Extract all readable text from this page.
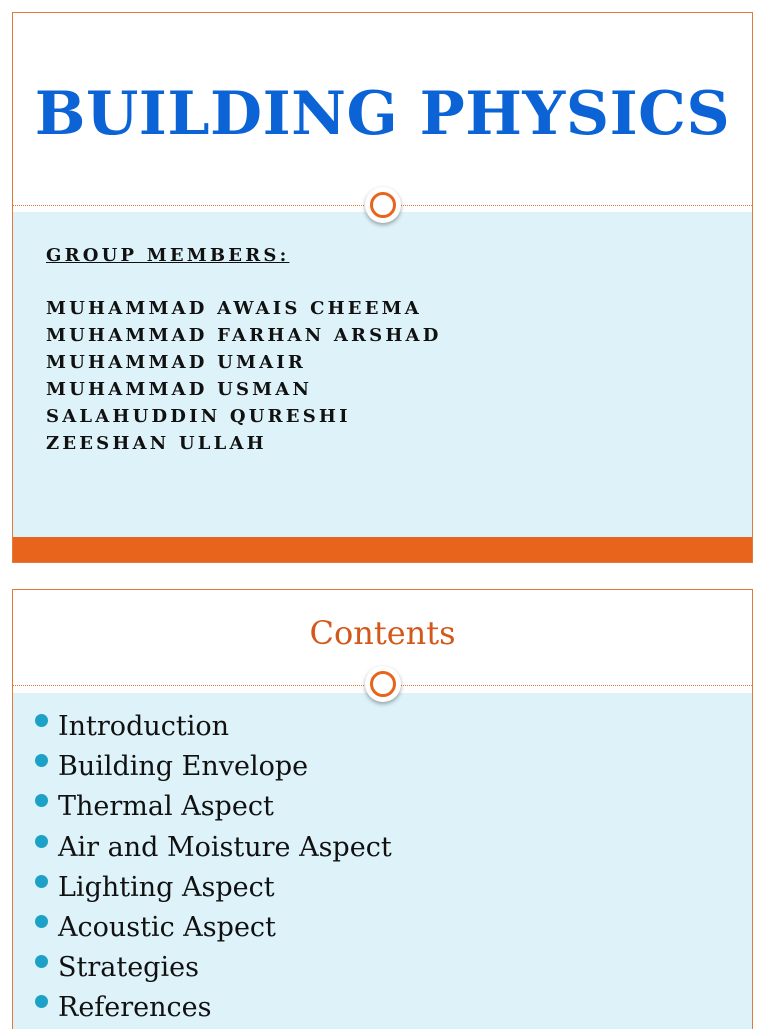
BUILDING PHYSICS

GROUP MEMBERS:

MUHAMMAD AWAIS CHEEMA
MUHAMMAD FARHAN ARSHAD
MUHAMMAD UMAIR
MUHAMMAD USMAN
SALAHUDDIN QURESHI
ZEESHAN ULLAH
Contents
Introduction
Building Envelope
Thermal Aspect
Air and Moisture Aspect
Lighting Aspect
Acoustic Aspect
Strategies
References
